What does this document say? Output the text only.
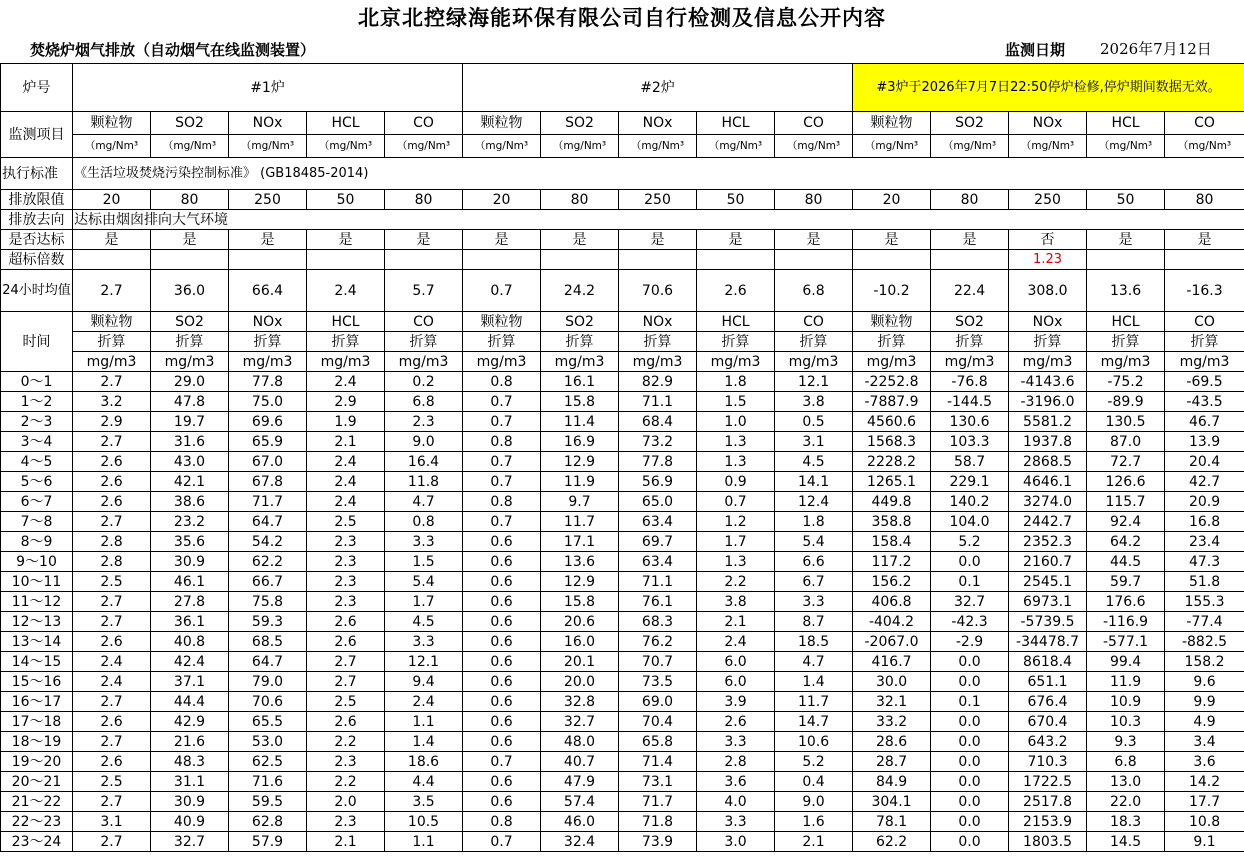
北京北控绿海能环保有限公司自行检测及信息公开内容
焚烧炉烟气排放（自动烟气在线监测装置）	监测日期 2026年7月12日
炉号	#1炉					#2炉					#3炉于2026年7月7日22:50停炉检修,停炉期间数据无效。				
监测项目	颗粒物	SO2	NOx	HCL	CO	颗粒物	SO2	NOx	HCL	CO	颗粒物	SO2	NOx	HCL	CO
	（mg/Nm³	（mg/Nm³	（mg/Nm³	（mg/Nm³	（mg/Nm³	（mg/Nm³	（mg/Nm³	（mg/Nm³	（mg/Nm³	（mg/Nm³	（mg/Nm³	（mg/Nm³	（mg/Nm³	（mg/Nm³	（mg/Nm³
执行标准	《生活垃圾焚烧污染控制标准》 (GB18485-2014)														
排放限值	20	80	250	50	80	20	80	250	50	80	20	80	250	50	80
排放去向	达标由烟囱排向大气环境														
是否达标	是	是	是	是	是	是	是	是	是	是	是	是	否	是	是
超标倍数													1.23		
24小时均值	2.7	36.0	66.4	2.4	5.7	0.7	24.2	70.6	2.6	6.8	-10.2	22.4	308.0	13.6	-16.3
时间	颗粒物	SO2	NOx	HCL	CO	颗粒物	SO2	NOx	HCL	CO	颗粒物	SO2	NOx	HCL	CO
	折算	折算	折算	折算	折算	折算	折算	折算	折算	折算	折算	折算	折算	折算	折算
	mg/m3	mg/m3	mg/m3	mg/m3	mg/m3	mg/m3	mg/m3	mg/m3	mg/m3	mg/m3	mg/m3	mg/m3	mg/m3	mg/m3	mg/m3
0～1	2.7	29.0	77.8	2.4	0.2	0.8	16.1	82.9	1.8	12.1	-2252.8	-76.8	-4143.6	-75.2	-69.5
1～2	3.2	47.8	75.0	2.9	6.8	0.7	15.8	71.1	1.5	3.8	-7887.9	-144.5	-3196.0	-89.9	-43.5
2～3	2.9	19.7	69.6	1.9	2.3	0.7	11.4	68.4	1.0	0.5	4560.6	130.6	5581.2	130.5	46.7
3～4	2.7	31.6	65.9	2.1	9.0	0.8	16.9	73.2	1.3	3.1	1568.3	103.3	1937.8	87.0	13.9
4～5	2.6	43.0	67.0	2.4	16.4	0.7	12.9	77.8	1.3	4.5	2228.2	58.7	2868.5	72.7	20.4
5～6	2.6	42.1	67.8	2.4	11.8	0.7	11.9	56.9	0.9	14.1	1265.1	229.1	4646.1	126.6	42.7
6～7	2.6	38.6	71.7	2.4	4.7	0.8	9.7	65.0	0.7	12.4	449.8	140.2	3274.0	115.7	20.9
7～8	2.7	23.2	64.7	2.5	0.8	0.7	11.7	63.4	1.2	1.8	358.8	104.0	2442.7	92.4	16.8
8～9	2.8	35.6	54.2	2.3	3.3	0.6	17.1	69.7	1.7	5.4	158.4	5.2	2352.3	64.2	23.4
9～10	2.8	30.9	62.2	2.3	1.5	0.6	13.6	63.4	1.3	6.6	117.2	0.0	2160.7	44.5	47.3
10～11	2.5	46.1	66.7	2.3	5.4	0.6	12.9	71.1	2.2	6.7	156.2	0.1	2545.1	59.7	51.8
11～12	2.7	27.8	75.8	2.3	1.7	0.6	15.8	76.1	3.8	3.3	406.8	32.7	6973.1	176.6	155.3
12～13	2.7	36.1	59.3	2.6	4.5	0.6	20.6	68.3	2.1	8.7	-404.2	-42.3	-5739.5	-116.9	-77.4
13～14	2.6	40.8	68.5	2.6	3.3	0.6	16.0	76.2	2.4	18.5	-2067.0	-2.9	-34478.7	-577.1	-882.5
14～15	2.4	42.4	64.7	2.7	12.1	0.6	20.1	70.7	6.0	4.7	416.7	0.0	8618.4	99.4	158.2
15～16	2.4	37.1	79.0	2.7	9.4	0.6	20.0	73.5	6.0	1.4	30.0	0.0	651.1	11.9	9.6
16～17	2.7	44.4	70.6	2.5	2.4	0.6	32.8	69.0	3.9	11.7	32.1	0.1	676.4	10.9	9.9
17～18	2.6	42.9	65.5	2.6	1.1	0.6	32.7	70.4	2.6	14.7	33.2	0.0	670.4	10.3	4.9
18～19	2.7	21.6	53.0	2.2	1.4	0.6	48.0	65.8	3.3	10.6	28.6	0.0	643.2	9.3	3.4
19～20	2.6	48.3	62.5	2.3	18.6	0.7	40.7	71.4	2.8	5.2	28.7	0.0	710.3	6.8	3.6
20～21	2.5	31.1	71.6	2.2	4.4	0.6	47.9	73.1	3.6	0.4	84.9	0.0	1722.5	13.0	14.2
21～22	2.7	30.9	59.5	2.0	3.5	0.6	57.4	71.7	4.0	9.0	304.1	0.0	2517.8	22.0	17.7
22～23	3.1	40.9	62.8	2.3	10.5	0.8	46.0	71.8	3.3	1.6	78.1	0.0	2153.9	18.3	10.8
23～24	2.7	32.7	57.9	2.1	1.1	0.7	32.4	73.9	3.0	2.1	62.2	0.0	1803.5	14.5	9.1
